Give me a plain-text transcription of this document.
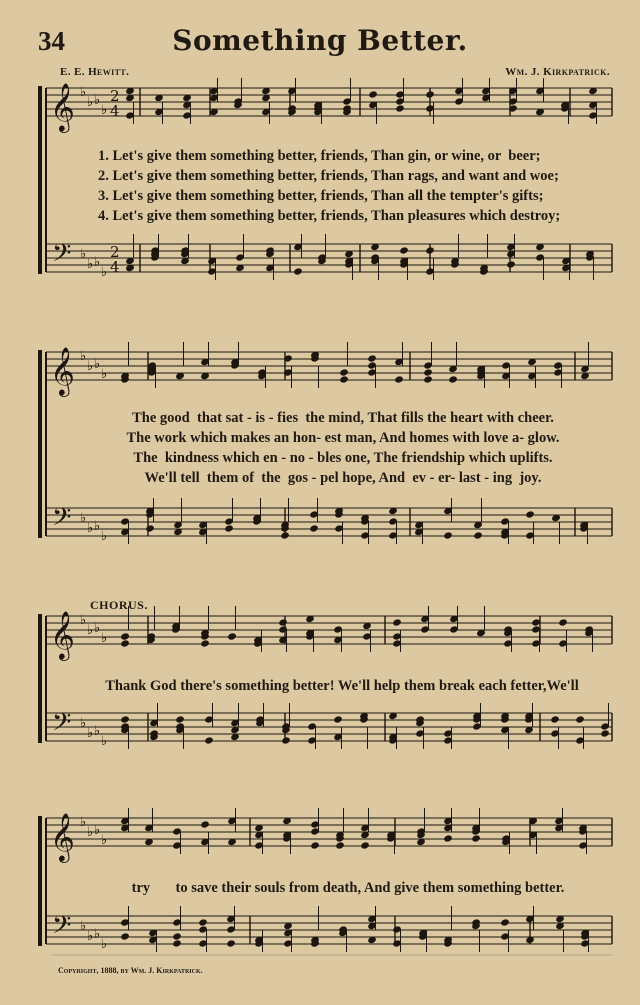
𝄞
𝄢
♭
♭
♭
♭
♭
♭
♭
♭
2
4
2
4
𝄞
𝄢
♭
♭
♭
♭
♭
♭
♭
♭
𝄞
𝄢
♭
♭
♭
♭
♭
♭
♭
♭
𝄞
𝄢
♭
♭
♭
♭
♭
♭
♭
♭
34	Something Better.
E. E. Hewitt.	Wm. J. Kirkpatrick.
1. Let's give them something better, friends, Than gin, or wine, or  beer;
2. Let's give them something better, friends, Than rags, and want and woe;
3. Let's give them something better, friends, Than all the tempter's gifts;
4. Let's give them something better, friends, Than pleasures which destroy;
The good  that sat - is - fies  the mind, That fills the heart with cheer.
The work which makes an hon- est man, And homes with love a- glow.
The  kindness which en - no - bles one, The friendship which uplifts.
We'll tell  them of  the  gos - pel hope, And  ev - er- last - ing  joy.
CHORUS.
Thank God there's something better! We'll help them break each fetter,We'll
try       to save their souls from death, And give them something better.
Copyright, 1888, by Wm. J. Kirkpatrick.
